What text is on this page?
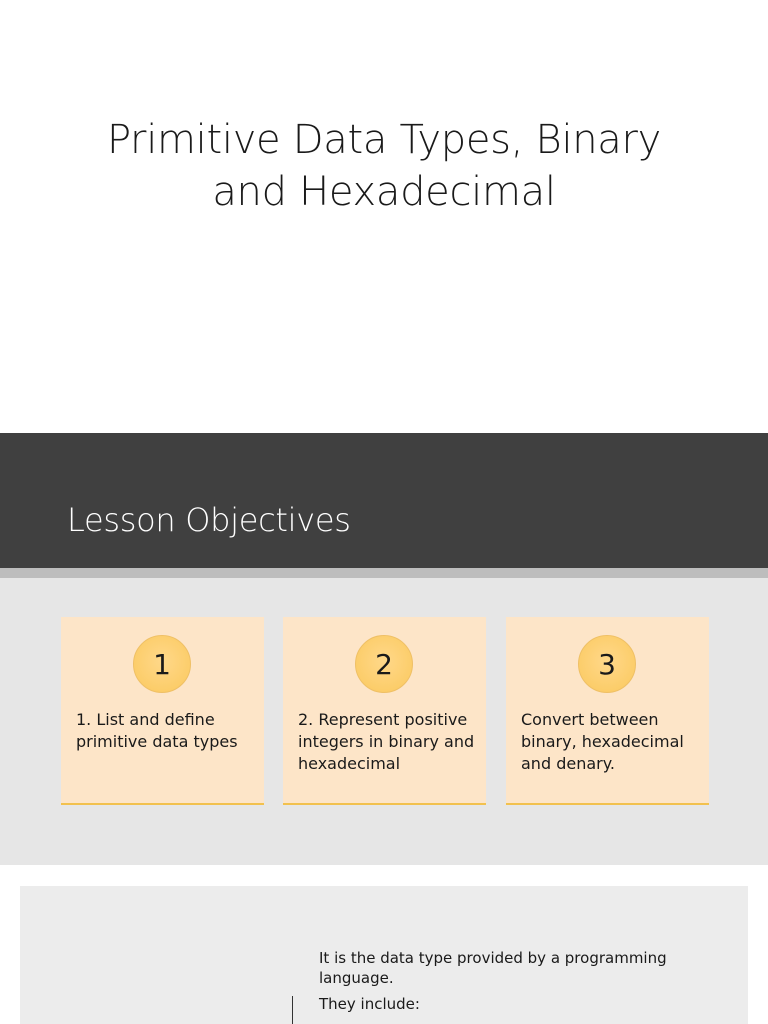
Primitive Data Types, Binary
and Hexadecimal
Lesson Objectives
1
1. List and define primitive data types
2
2. Represent positive integers in binary and hexadecimal
3
Convert between binary, hexadecimal and denary.
It is the data type provided by a programming language.
They include:
